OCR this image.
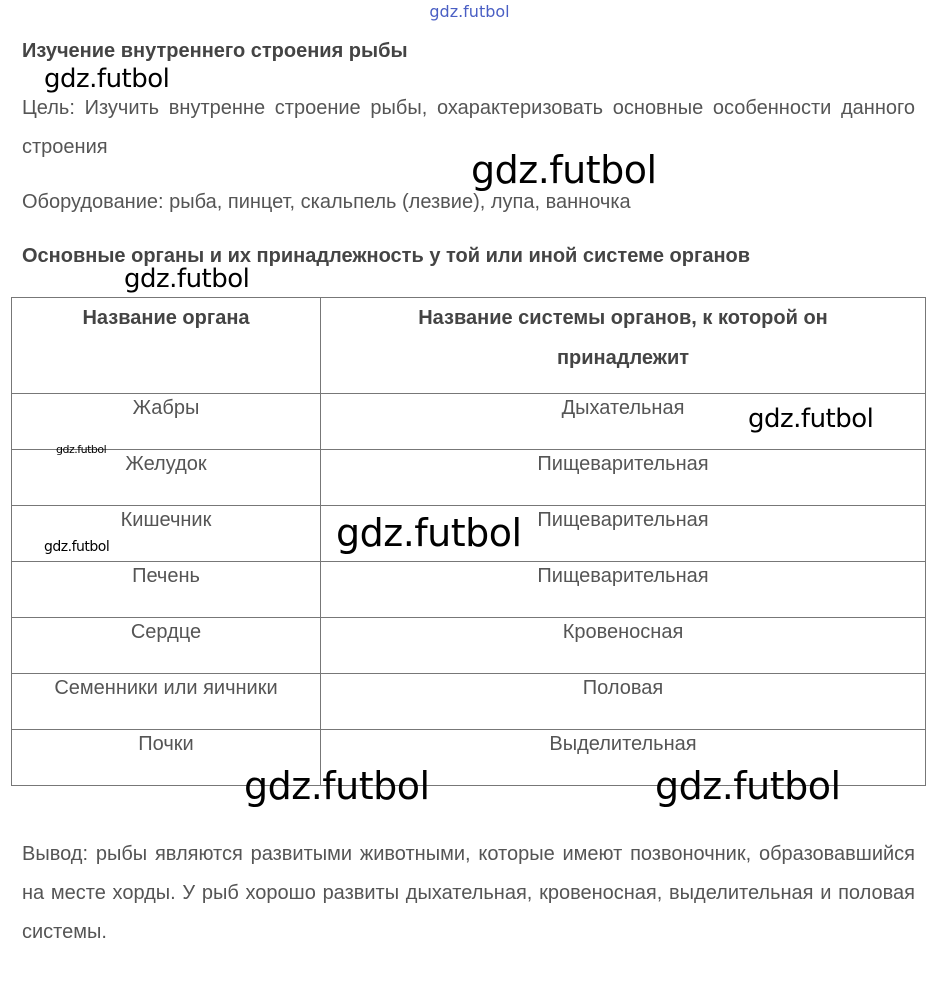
gdz.futbol
Изучение внутреннего строения рыбы
Цель: Изучить внутренне строение рыбы, охарактеризовать основные особенности данного строения
Оборудование: рыба, пинцет, скальпель (лезвие), лупа, ванночка
Основные органы и их принадлежность у той или иной системе органов
Название органа	Название системы органов, к которой он принадлежит

Жабры	Дыхательная
Желудок	Пищеварительная
Кишечник	Пищеварительная
Печень	Пищеварительная
Сердце	Кровеносная
Семенники или яичники	Половая
Почки	Выделительная
Вывод: рыбы являются развитыми животными, которые имеют позвоночник, образовавшийся на месте хорды. У рыб хорошо развиты дыхательная, кровеносная, выделительная и половая системы.
gdz.futbol
gdz.futbol
gdz.futbol
gdz.futbol
gdz.futbol
gdz.futbol
gdz.futbol
gdz.futbol	gdz.futbol
